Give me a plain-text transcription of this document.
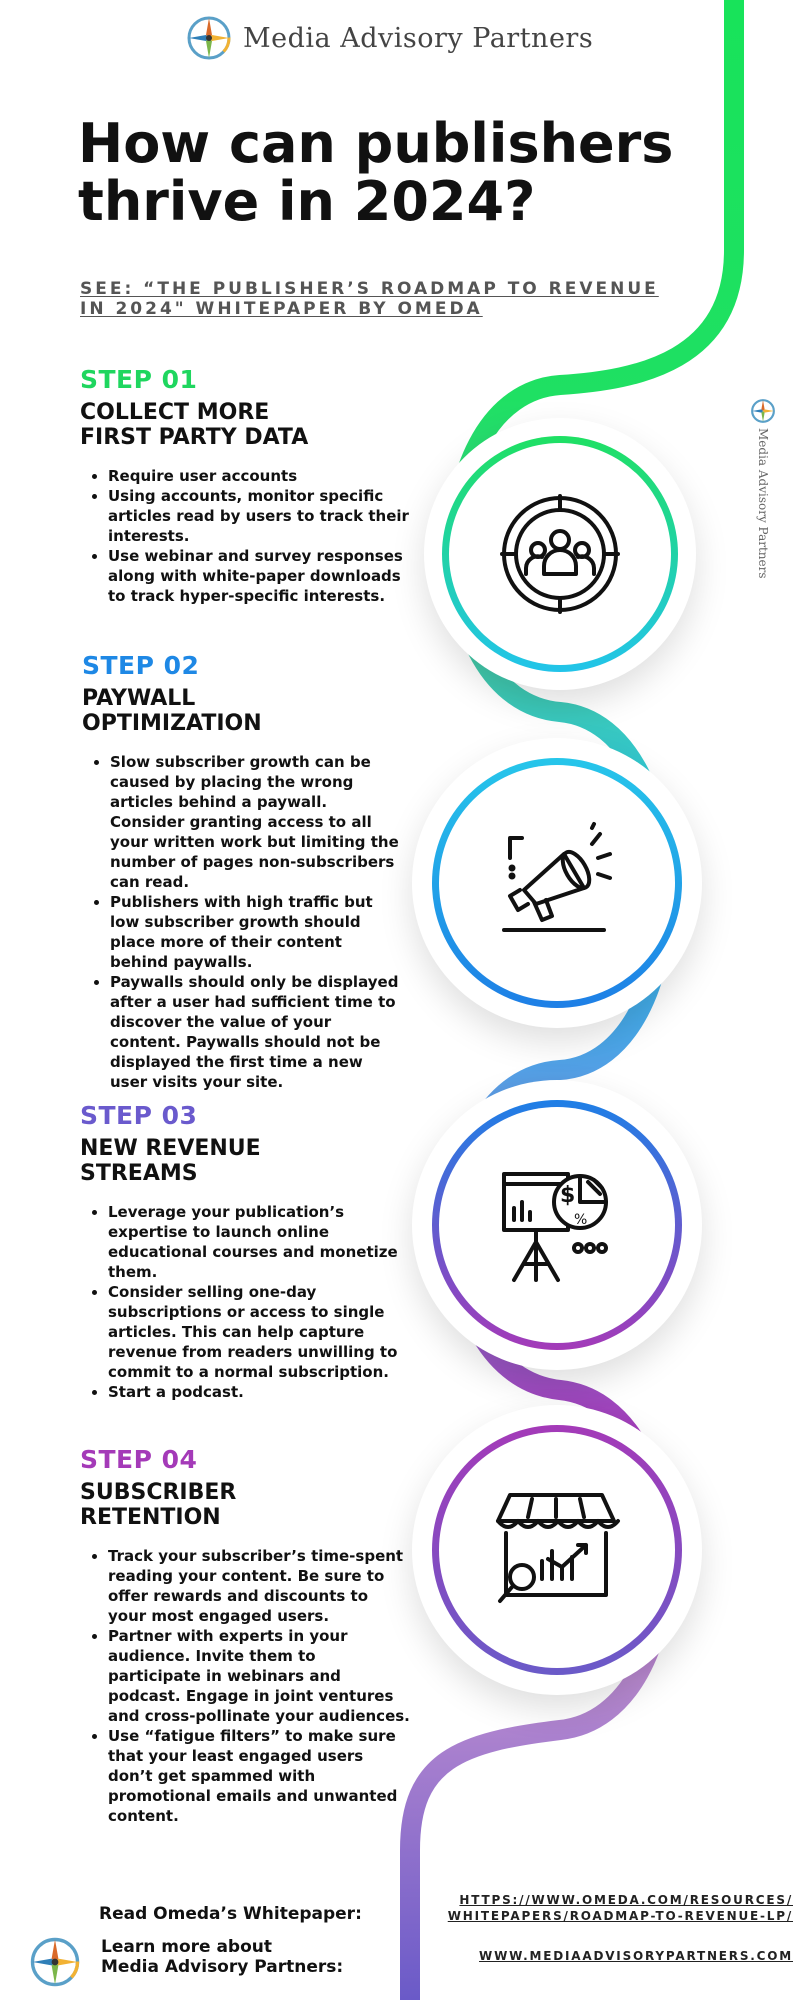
Media Advisory Partners
How can publishers thrive in 2024?
SEE: “THE PUBLISHER’S ROADMAP TO REVENUE IN 2024" WHITEPAPER BY OMEDA
Media Advisory Partners
STEP 01
COLLECT MORE
FIRST PARTY DATA
• Require user accounts
• Using accounts, monitor specific articles read by users to track their interests.
• Use webinar and survey responses along with white-paper downloads to track hyper-specific interests.
STEP 02
PAYWALL
OPTIMIZATION
• Slow subscriber growth can be caused by placing the wrong articles behind a paywall. Consider granting access to all your written work but limiting the number of pages non-subscribers can read.
• Publishers with high traffic but low subscriber growth should place more of their content behind paywalls.
• Paywalls should only be displayed after a user had sufficient time to discover the value of your content. Paywalls should not be displayed the first time a new user visits your site.
STEP 03
NEW REVENUE
STREAMS
• Leverage your publication’s expertise to launch online educational courses and monetize them.
• Consider selling one-day subscriptions or access to single articles. This can help capture revenue from readers unwilling to commit to a normal subscription.
• Start a podcast.
STEP 04
SUBSCRIBER
RETENTION
• Track your subscriber’s time-spent reading your content. Be sure to offer rewards and discounts to your most engaged users.
• Partner with experts in your audience. Invite them to participate in webinars and podcast. Engage in joint ventures and cross-pollinate your audiences.
• Use “fatigue filters” to make sure that your least engaged users don’t get spammed with promotional emails and unwanted content.
$
%
Read Omeda’s Whitepaper:
HTTPS://WWW.OMEDA.COM/RESOURCES/
WHITEPAPERS/ROADMAP-TO-REVENUE-LP/
Learn more about
Media Advisory Partners:
WWW.MEDIAADVISORYPARTNERS.COM
